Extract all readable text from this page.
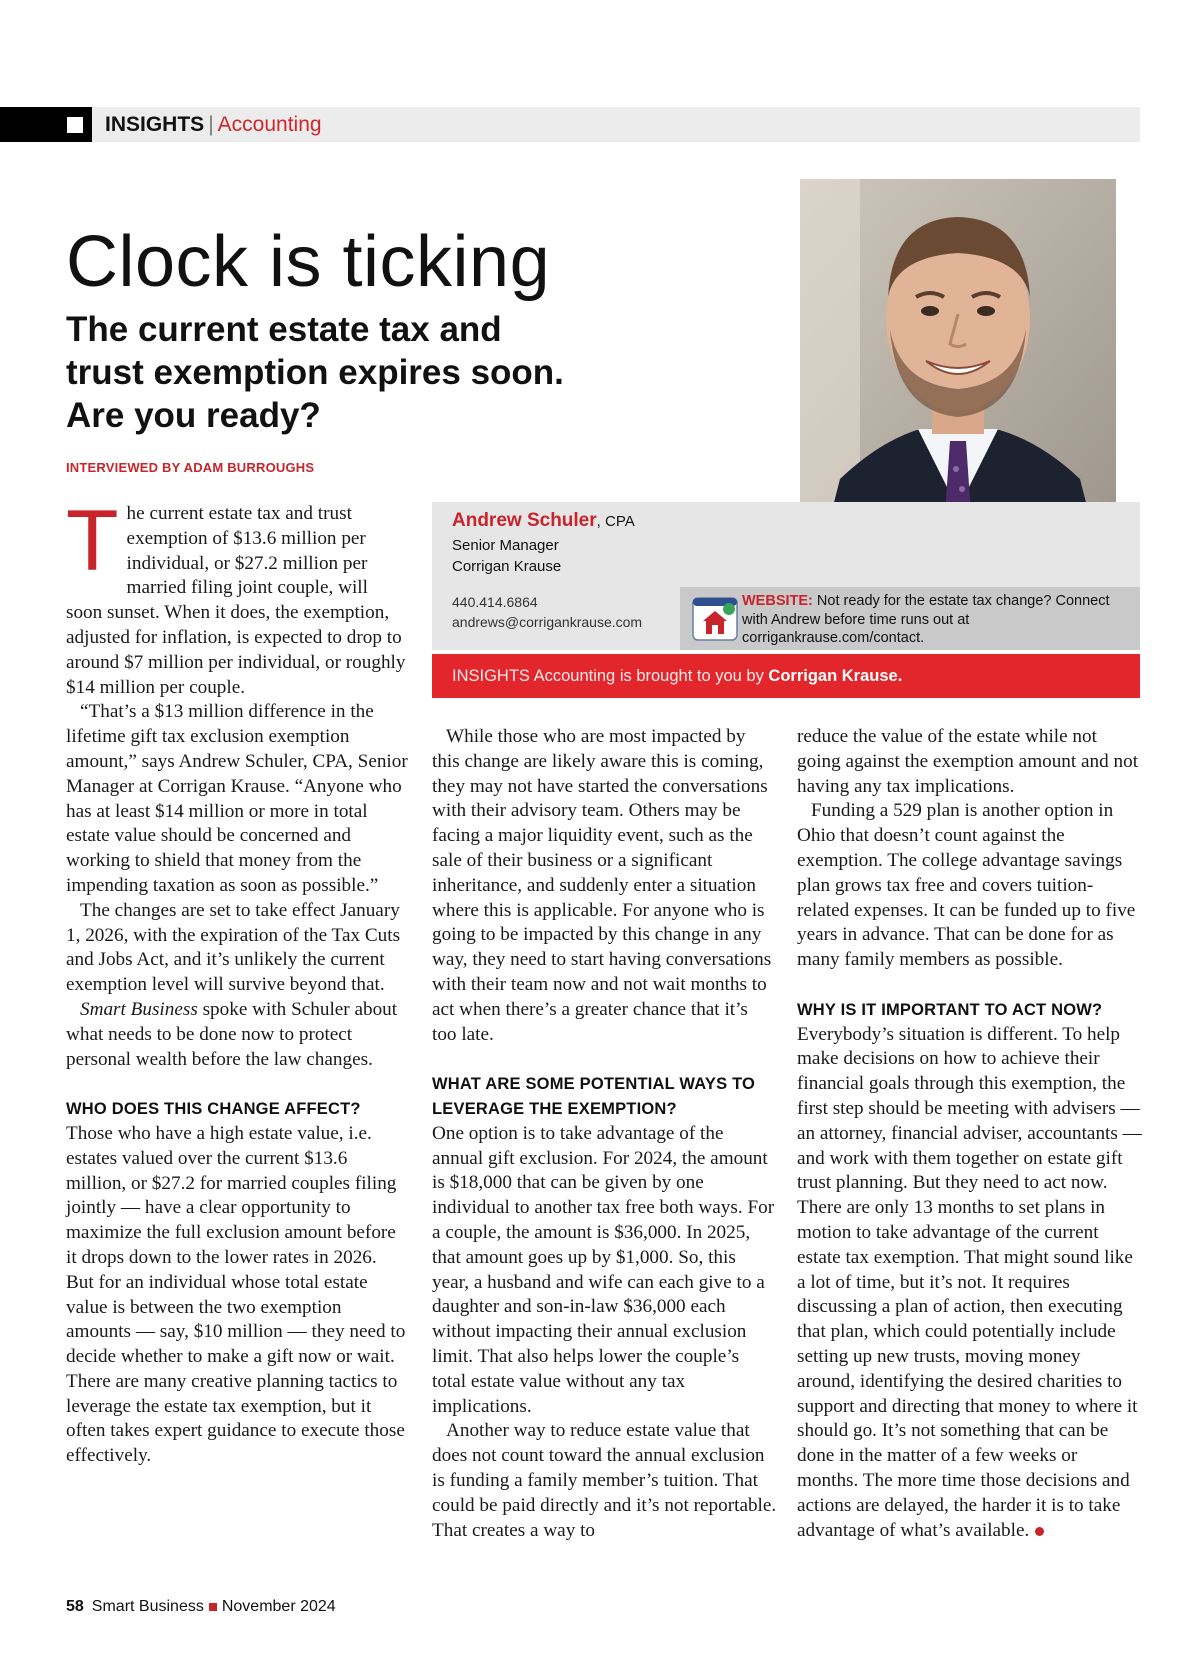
INSIGHTS | Accounting
Clock is ticking
The current estate tax and trust exemption expires soon. Are you ready?
INTERVIEWED BY ADAM BURROUGHS
Andrew Schuler, CPA
Senior Manager
Corrigan Krause
440.414.6864
andrews@corrigankrause.com
WEBSITE: Not ready for the estate tax change? Connect with Andrew before time runs out at corrigankrause.com/contact.
INSIGHTS Accounting is brought to you by Corrigan Krause.

The current estate tax and trust exemption of $13.6 million per individual, or $27.2 million per married filing joint couple, will soon sunset. When it does, the exemption, adjusted for inflation, is expected to drop to around $7 million per individual, or roughly $14 million per couple.

“That’s a $13 million difference in the lifetime gift tax exclusion exemption amount,” says Andrew Schuler, CPA, Senior Manager at Corrigan Krause. “Anyone who has at least $14 million or more in total estate value should be concerned and working to shield that money from the impending taxation as soon as possible.”

The changes are set to take effect January 1, 2026, with the expiration of the Tax Cuts and Jobs Act, and it’s unlikely the current exemption level will survive beyond that.

Smart Business spoke with Schuler about what needs to be done now to protect personal wealth before the law changes.

WHO DOES THIS CHANGE AFFECT?

Those who have a high estate value, i.e. estates valued over the current $13.6 million, or $27.2 for married couples filing jointly — have a clear opportunity to maximize the full exclusion amount before it drops down to the lower rates in 2026. But for an individual whose total estate value is between the two exemption amounts — say, $10 million — they need to decide whether to make a gift now or wait. There are many creative planning tactics to leverage the estate tax exemption, but it often takes expert guidance to execute those effectively.

While those who are most impacted by this change are likely aware this is coming, they may not have started the conversations with their advisory team. Others may be facing a major liquidity event, such as the sale of their business or a significant inheritance, and suddenly enter a situation where this is applicable. For anyone who is going to be impacted by this change in any way, they need to start having conversations with their team now and not wait months to act when there’s a greater chance that it’s too late.

WHAT ARE SOME POTENTIAL WAYS TO LEVERAGE THE EXEMPTION?

One option is to take advantage of the annual gift exclusion. For 2024, the amount is $18,000 that can be given by one individual to another tax free both ways. For a couple, the amount is $36,000. In 2025, that amount goes up by $1,000. So, this year, a husband and wife can each give to a daughter and son-in-law $36,000 each without impacting their annual exclusion limit. That also helps lower the couple’s total estate value without any tax implications.

Another way to reduce estate value that does not count toward the annual exclusion is funding a family member’s tuition. That could be paid directly and it’s not reportable. That creates a way to

reduce the value of the estate while not going against the exemption amount and not having any tax implications.

Funding a 529 plan is another option in Ohio that doesn’t count against the exemption. The college advantage savings plan grows tax free and covers tuition-related expenses. It can be funded up to five years in advance. That can be done for as many family members as possible.

WHY IS IT IMPORTANT TO ACT NOW?

Everybody’s situation is different. To help make decisions on how to achieve their financial goals through this exemption, the first step should be meeting with advisers — an attorney, financial adviser, accountants — and work with them together on estate gift trust planning. But they need to act now. There are only 13 months to set plans in motion to take advantage of the current estate tax exemption. That might sound like a lot of time, but it’s not. It requires discussing a plan of action, then executing that plan, which could potentially include setting up new trusts, moving money around, identifying the desired charities to support and directing that money to where it should go. It’s not something that can be done in the matter of a few weeks or months. The more time those decisions and actions are delayed, the harder it is to take advantage of what’s available.

58 Smart Business November 2024
